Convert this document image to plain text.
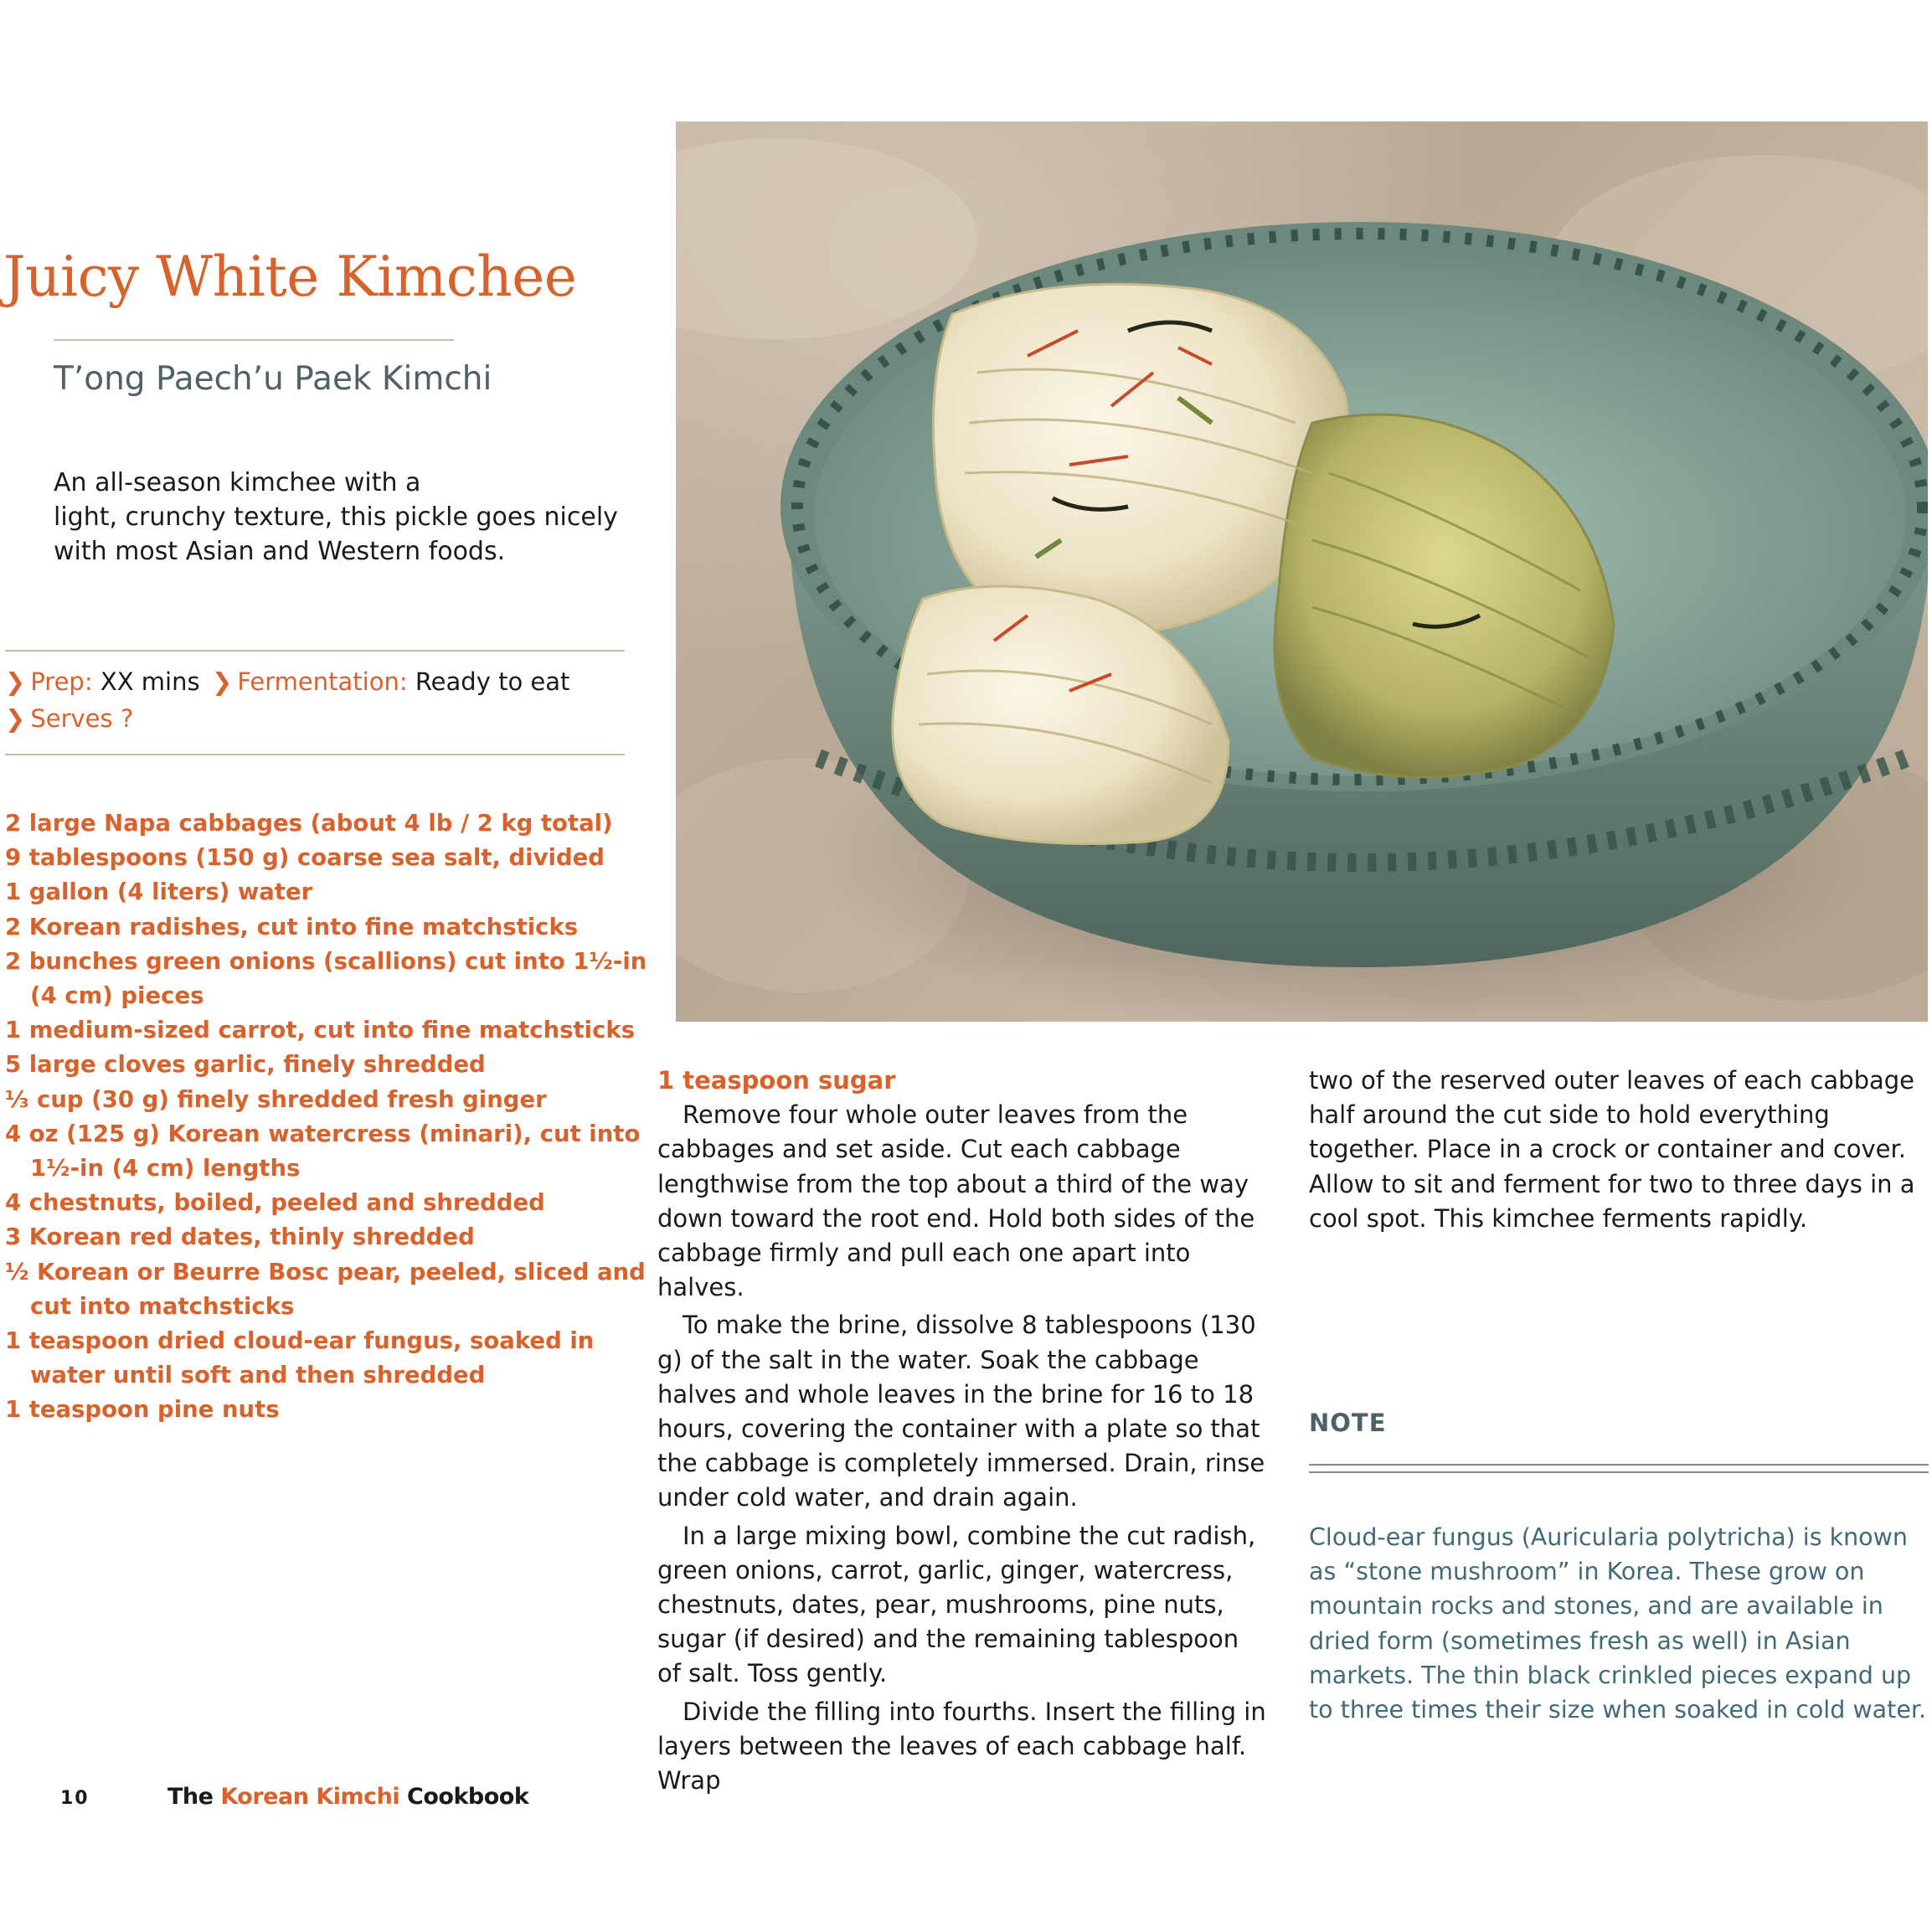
Juicy White Kimchee
T’ong Paech’u Paek Kimchi
An all-season kimchee with a
light, crunchy texture, this pickle goes nicely
with most Asian and Western foods.
❯ Prep: XX mins ❯ Fermentation: Ready to eat
❯ Serves ?
2 large Napa cabbages (about 4 lb / 2 kg total)
9 tablespoons (150 g) coarse sea salt, divided
1 gallon (4 liters) water
2 Korean radishes, cut into fine matchsticks
2 bunches green onions (scallions) cut into 1½-in
(4 cm) pieces
1 medium-sized carrot, cut into fine matchsticks
5 large cloves garlic, finely shredded
⅓ cup (30 g) finely shredded fresh ginger
4 oz (125 g) Korean watercress (minari), cut into
1½-in (4 cm) lengths
4 chestnuts, boiled, peeled and shredded
3 Korean red dates, thinly shredded
½ Korean or Beurre Bosc pear, peeled, sliced and
cut into matchsticks
1 teaspoon dried cloud-ear fungus, soaked in
water until soft and then shredded
1 teaspoon pine nuts
1 teaspoon sugar

Remove four whole outer leaves from the cabbages and set aside. Cut each cabbage lengthwise from the top about a third of the way down toward the root end. Hold both sides of the cabbage firmly and pull each one apart into halves.

To make the brine, dissolve 8 tablespoons (130 g) of the salt in the water. Soak the cabbage halves and whole leaves in the brine for 16 to 18 hours, covering the container with a plate so that the cabbage is completely immersed. Drain, rinse under cold water, and drain again.

In a large mixing bowl, combine the cut radish, green onions, carrot, garlic, ginger, watercress, chestnuts, dates, pear, mushrooms, pine nuts, sugar (if desired) and the remaining tablespoon of salt. Toss gently.

Divide the filling into fourths. Insert the filling in layers between the leaves of each cabbage half. Wrap

two of the reserved outer leaves of each cabbage half around the cut side to hold everything together. Place in a crock or container and cover. Allow to sit and ferment for two to three days in a cool spot. This kimchee ferments rapidly.
NOTE
Cloud-ear fungus (Auricularia polytricha) is known as “stone mushroom” in Korea. These grow on mountain rocks and stones, and are available in dried form (sometimes fresh as well) in Asian markets. The thin black crinkled pieces expand up to three times their size when soaked in cold water.
10	The Korean Kimchi Cookbook
